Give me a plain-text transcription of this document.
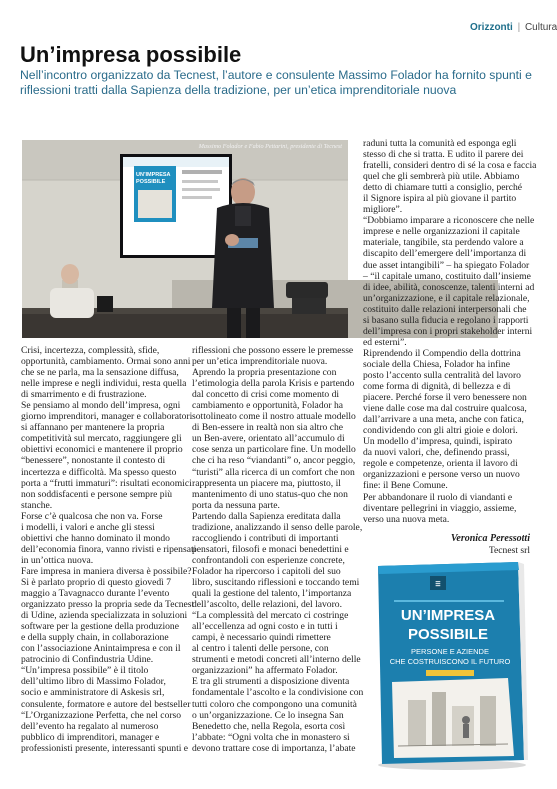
Orizzonti | Cultura
Un’impresa possibile

Nell’incontro organizzato da Tecnest, l’autore e consulente Massimo Folador ha fornito spunti e riflessioni tratti dalla Sapienza della tradizione, per un’etica imprenditoriale nuova

UN’IMPRESA
POSSIBILE
Massimo Folador e Fabio Pettarini, presidente di Tecnest

Crisi, incertezza, complessità, sfide,

opportunità, cambiamento. Ormai sono anni

che se ne parla, ma la sensazione diffusa,

nelle imprese e negli individui, resta quella

di smarrimento e di frustrazione.

Se pensiamo al mondo dell’impresa, ogni

giorno imprenditori, manager e collaboratori

si affannano per mantenere la propria

competitività sul mercato, raggiungere gli

obiettivi economici e mantenere il proprio

“benessere”, nonostante il contesto di

incertezza e difficoltà. Ma spesso questo

porta a “frutti immaturi”: risultati economici

non soddisfacenti e persone sempre più

stanche.

Forse c’è qualcosa che non va. Forse

i modelli, i valori e anche gli stessi

obiettivi che hanno dominato il mondo

dell’economia finora, vanno rivisti e ripensati

in un’ottica nuova.

Fare impresa in maniera diversa è possibile?

Si è parlato proprio di questo giovedì 7

maggio a Tavagnacco durante l’evento

organizzato presso la propria sede da Tecnest

di Udine, azienda specializzata in soluzioni

software per la gestione della produzione

e della supply chain, in collaborazione

con l’associazione Anintaimpresa e con il

patrocinio di Confindustria Udine.

“Un’impresa possibile” è il titolo

dell’ultimo libro di Massimo Folador,

socio e amministratore di Askesis srl,

consulente, formatore e autore del bestseller

“L’Organizzazione Perfetta, che nel corso

dell’evento ha regalato al numeroso

pubblico di imprenditori, manager e

professionisti presente, interessanti spunti e

riflessioni che possono essere le premesse

per un’etica imprenditoriale nuova.

Aprendo la propria presentazione con

l’etimologia della parola Krisis e partendo

dal concetto di crisi come momento di

cambiamento e opportunità, Folador ha

sottolineato come il nostro attuale modello

di Ben-essere in realtà non sia altro che

un Ben-avere, orientato all’accumulo di

cose senza un particolare fine. Un modello

che ci ha reso “viandanti” o, ancor peggio,

“turisti” alla ricerca di un comfort che non

rappresenta un piacere ma, piuttosto, il

mantenimento di uno status-quo che non

porta da nessuna parte.

Partendo dalla Sapienza ereditata dalla

tradizione, analizzando il senso delle parole,

raccogliendo i contributi di importanti

pensatori, filosofi e monaci benedettini e

confrontandoli con esperienze concrete,

Folador ha ripercorso i capitoli del suo

libro, suscitando riflessioni e toccando temi

quali la gestione del talento, l’importanza

dell’ascolto, delle relazioni, del lavoro.

“La complessità del mercato ci costringe

all’eccellenza ad ogni costo e in tutti i

campi, è necessario quindi rimettere

al centro i talenti delle persone, con

strumenti e metodi concreti all’interno delle

organizzazioni” ha affermato Folador.

E tra gli strumenti a disposizione diventa

fondamentale l’ascolto e la condivisione con

tutti coloro che compongono una comunità

o un’organizzazione. Ce lo insegna San

Benedetto che, nella Regola, esorta così

l’abbate: “Ogni volta che in monastero si

devono trattare cose di importanza, l’abate

raduni tutta la comunità ed esponga egli

stesso di che si tratta. E udito il parere dei

fratelli, consideri dentro di sé la cosa e faccia

quel che gli sembrerà più utile. Abbiamo

detto di chiamare tutti a consiglio, perché

il Signore ispira al più giovane il partito

migliore”.

“Dobbiamo imparare a riconoscere che nelle

imprese e nelle organizzazioni il capitale

materiale, tangibile, sta perdendo valore a

discapito dell’emergere dell’importanza di

due asset intangibili” – ha spiegato Folador

– “il capitale umano, costituito dall’insieme

di idee, abilità, conoscenze, talenti interni ad

un’organizzazione, e il capitale relazionale,

costituito dalle relazioni interpersonali che

si basano sulla fiducia e regolano i rapporti

dell’impresa con i propri stakeholder interni

ed esterni”.

Riprendendo il Compendio della dottrina

sociale della Chiesa, Folador ha infine

posto l’accento sulla centralità del lavoro

come forma di dignità, di bellezza e di

piacere. Perché forse il vero benessere non

viene dalle cose ma dal costruire qualcosa,

dall’arrivare a una meta, anche con fatica,

condividendo con gli altri gioie e dolori.

Un modello d’impresa, quindi, ispirato

da nuovi valori, che, definendo prassi,

regole e competenze, orienta il lavoro di

organizzazioni e persone verso un nuovo

fine: il Bene Comune.

Per abbandonare il ruolo di viandanti e

diventare pellegrini in viaggio, assieme,

verso una nuova meta.

Veronica Peressotti
Tecnest srl
☰
UN’IMPRESA
POSSIBILE
PERSONE E AZIENDE
CHE COSTRUISCONO IL FUTURO
